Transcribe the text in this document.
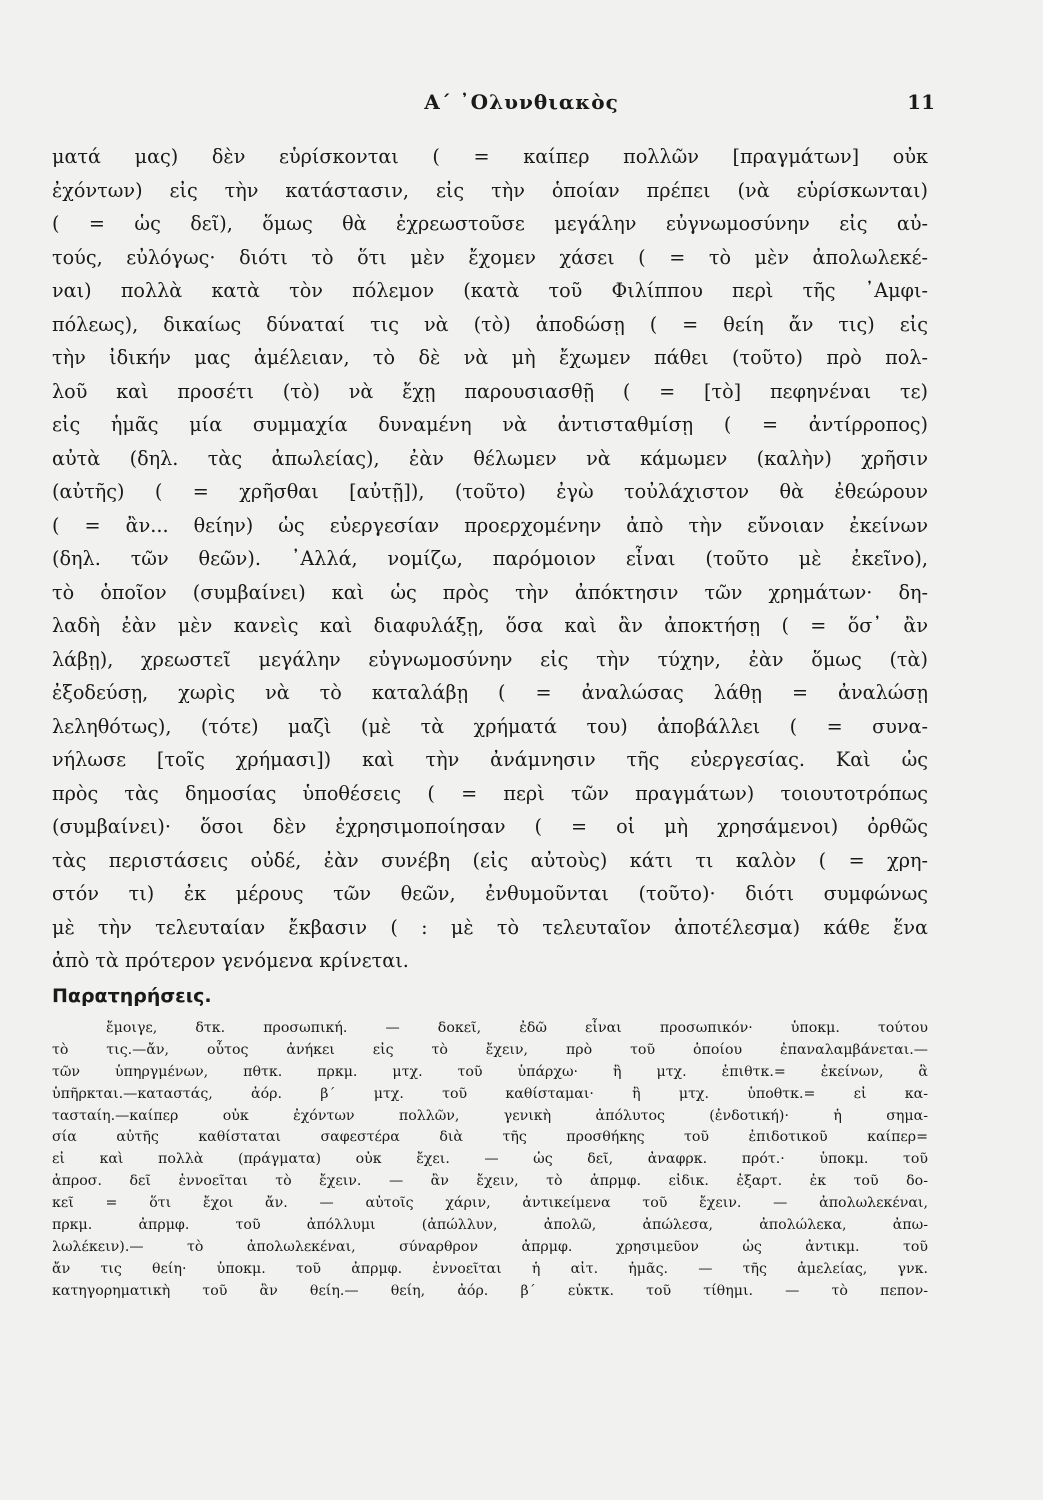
Α΄ ᾿Ολυνθιακὸς	11
ματά μας) δὲν εὑρίσκονται ( = καίπερ πολλῶν [πραγμάτων] οὐκ
ἐχόντων) εἰς τὴν κατάστασιν, εἰς τὴν ὁποίαν πρέπει (νὰ εὑρίσκωνται)
( = ὡς δεῖ), ὅμως θὰ ἐχρεωστοῦσε μεγάλην εὐγνωμοσύνην εἰς αὐ-
τούς, εὐλόγως· διότι τὸ ὅτι μὲν ἔχομεν χάσει ( = τὸ μὲν ἀπολωλεκέ-
ναι) πολλὰ κατὰ τὸν πόλεμον (κατὰ τοῦ Φιλίππου περὶ τῆς ᾿Αμφι-
πόλεως), δικαίως δύναταί τις νὰ (τὸ) ἀποδώσῃ ( = θείη ἄν τις) εἰς
τὴν ἰδικήν μας ἀμέλειαν, τὸ δὲ νὰ μὴ ἔχωμεν πάθει (τοῦτο) πρὸ πολ-
λοῦ καὶ προσέτι (τὸ) νὰ ἔχῃ παρουσιασθῇ ( = [τὸ] πεφηνέναι τε)
εἰς ἡμᾶς μία συμμαχία δυναμένη νὰ ἀντισταθμίσῃ ( = ἀντίρροπος)
αὐτὰ (δηλ. τὰς ἀπωλείας), ἐὰν θέλωμεν νὰ κάμωμεν (καλὴν) χρῆσιν
(αὐτῆς) ( = χρῆσθαι [αὐτῇ]), (τοῦτο) ἐγὼ τοὐλάχιστον θὰ ἐθεώρουν
( = ἂν... θείην) ὡς εὐεργεσίαν προερχομένην ἀπὸ τὴν εὔνοιαν ἐκείνων
(δηλ. τῶν θεῶν). ᾿Αλλά, νομίζω, παρόμοιον εἶναι (τοῦτο μὲ ἐκεῖνο),
τὸ ὁποῖον (συμβαίνει) καὶ ὡς πρὸς τὴν ἀπόκτησιν τῶν χρημάτων· δη-
λαδὴ ἐὰν μὲν κανεὶς καὶ διαφυλάξῃ, ὅσα καὶ ἂν ἀποκτήσῃ ( = ὅσ᾿ ἂν
λάβῃ), χρεωστεῖ μεγάλην εὐγνωμοσύνην εἰς τὴν τύχην, ἐὰν ὅμως (τὰ)
ἐξοδεύσῃ, χωρὶς νὰ τὸ καταλάβῃ ( = ἀναλώσας λάθῃ = ἀναλώσῃ
λεληθότως), (τότε) μαζὶ (μὲ τὰ χρήματά του) ἀποβάλλει ( = συνα-
νήλωσε [τοῖς χρήμασι]) καὶ τὴν ἀνάμνησιν τῆς εὐεργεσίας. Καὶ ὡς
πρὸς τὰς δημοσίας ὑποθέσεις ( = περὶ τῶν πραγμάτων) τοιουτοτρόπως
(συμβαίνει)· ὅσοι δὲν ἐχρησιμοποίησαν ( = οἱ μὴ χρησάμενοι) ὀρθῶς
τὰς περιστάσεις οὐδέ, ἐὰν συνέβη (εἰς αὐτοὺς) κάτι τι καλὸν ( = χρη-
στόν τι) ἐκ μέρους τῶν θεῶν, ἐνθυμοῦνται (τοῦτο)· διότι συμφώνως
μὲ τὴν τελευταίαν ἔκβασιν ( : μὲ τὸ τελευταῖον ἀποτέλεσμα) κάθε ἕνα
ἀπὸ τὰ πρότερον γενόμενα κρίνεται.
Παρατηρήσεις.
ἔμοιγε, δτκ. προσωπική. — δοκεῖ, ἐδῶ εἶναι προσωπικόν· ὑποκμ. τούτου
τὸ τις.—ἄν, οὗτος ἀνήκει εἰς τὸ ἔχειν, πρὸ τοῦ ὁποίου ἐπαναλαμβάνεται.—
τῶν ὑπηργμένων, πθτκ. πρκμ. μτχ. τοῦ ὑπάρχω· ἢ μτχ. ἐπιθτκ.= ἐκείνων, ἃ
ὑπῆρκται.—καταστάς, ἀόρ. β΄ μτχ. τοῦ καθίσταμαι· ἢ μτχ. ὑποθτκ.= εἰ κα-
τασταίη.—καίπερ οὐκ ἐχόντων πολλῶν, γενικὴ ἀπόλυτος (ἐνδοτική)· ἡ σημα-
σία αὐτῆς καθίσταται σαφεστέρα διὰ τῆς προσθήκης τοῦ ἐπιδοτικοῦ καίπερ=
εἰ καὶ πολλὰ (πράγματα) οὐκ ἔχει. — ὡς δεῖ, ἀναφρκ. πρότ.· ὑποκμ. τοῦ
ἀπροσ. δεῖ ἐννοεῖται τὸ ἔχειν. — ἂν ἔχειν, τὸ ἀπρμφ. εἰδικ. ἐξαρτ. ἐκ τοῦ δο-
κεῖ = ὅτι ἔχοι ἄν. — αὐτοῖς χάριν, ἀντικείμενα τοῦ ἔχειν. — ἀπολωλεκέναι,
πρκμ. ἀπρμφ. τοῦ ἀπόλλυμι (ἀπώλλυν, ἀπολῶ, ἀπώλεσα, ἀπολώλεκα, ἀπω-
λωλέκειν).— τὸ ἀπολωλεκέναι, σύναρθρον ἀπρμφ. χρησιμεῦον ὡς ἀντικμ. τοῦ
ἄν τις θείη· ὑποκμ. τοῦ ἀπρμφ. ἐννοεῖται ἡ αἰτ. ἡμᾶς. — τῆς ἀμελείας, γνκ.
κατηγορηματικὴ τοῦ ἂν θείη.— θείη, ἀόρ. β΄ εὐκτκ. τοῦ τίθημι. — τὸ πεπον-
